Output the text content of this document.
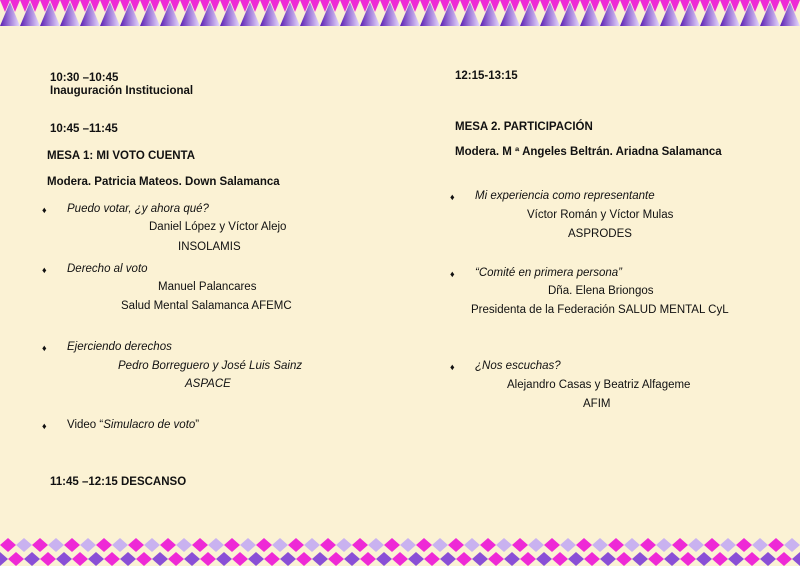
10:30 –10:45
Inauguración Institucional
10:45 –11:45
MESA 1: MI VOTO CUENTA
Modera. Patricia Mateos. Down Salamanca
♦ Puedo votar, ¿y ahora qué?
Daniel López y Víctor Alejo
INSOLAMIS
♦ Derecho al voto
Manuel Palancares
Salud Mental Salamanca AFEMC
♦ Ejerciendo derechos
Pedro Borreguero y José Luis Sainz
ASPACE
♦ Video “Simulacro de voto”
11:45 –12:15 DESCANSO
12:15-13:15
MESA 2. PARTICIPACIÓN
Modera. M ª Angeles Beltrán. Ariadna Salamanca
♦ Mi experiencia como representante
Víctor Román y Víctor Mulas
ASPRODES
♦ “Comité en primera persona”
Dña. Elena Briongos
Presidenta de la Federación SALUD MENTAL CyL
♦ ¿Nos escuchas?
Alejandro Casas y Beatriz Alfageme
AFIM
